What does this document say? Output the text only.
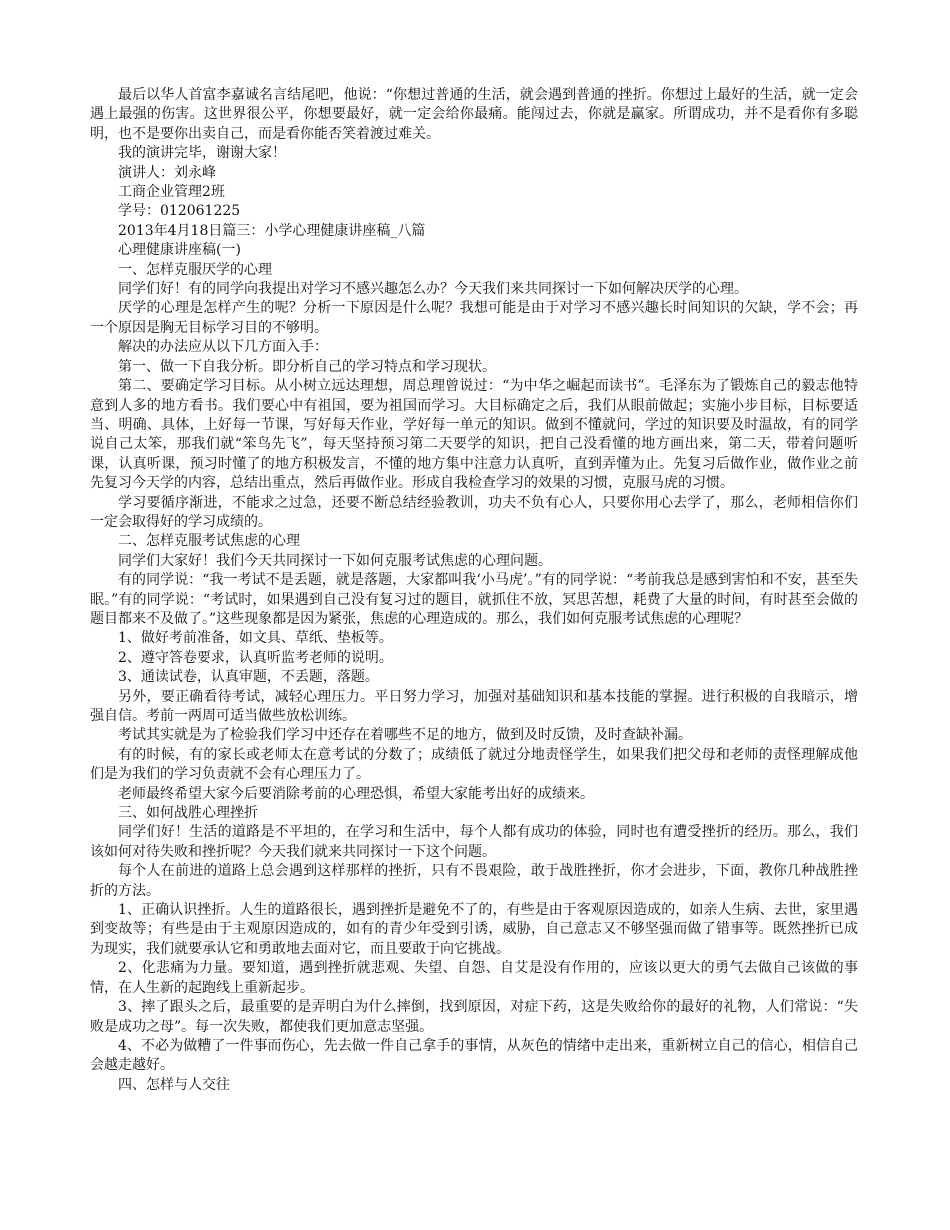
最后以华人首富李嘉诚名言结尾吧，他说：“你想过普通的生活，就会遇到普通的挫折。你想过上最好的生活，就一定会遇上最强的伤害。这世界很公平，你想要最好，就一定会给你最痛。能闯过去，你就是赢家。所谓成功，并不是看你有多聪明，也不是要你出卖自己，而是看你能否笑着渡过难关。

我的演讲完毕，谢谢大家！

演讲人：刘永峰

工商企业管理2班

学号：012061225

2013年4月18日篇三：小学心理健康讲座稿_八篇

心理健康讲座稿(一)

一、怎样克服厌学的心理

同学们好！有的同学向我提出对学习不感兴趣怎么办？今天我们来共同探讨一下如何解决厌学的心理。

厌学的心理是怎样产生的呢？分析一下原因是什么呢？我想可能是由于对学习不感兴趣长时间知识的欠缺，学不会；再一个原因是胸无目标学习目的不够明。

解决的办法应从以下几方面入手：

第一、做一下自我分析。即分析自己的学习特点和学习现状。

第二、要确定学习目标。从小树立远达理想，周总理曾说过：“为中华之崛起而读书”。毛泽东为了锻炼自己的毅志他特意到人多的地方看书。我们要心中有祖国，要为祖国而学习。大目标确定之后，我们从眼前做起；实施小步目标，目标要适当、明确、具体，上好每一节课，写好每天作业，学好每一单元的知识。做到不懂就问，学过的知识要及时温故，有的同学说自己太笨，那我们就“笨鸟先飞”，每天坚持预习第二天要学的知识，把自己没看懂的地方画出来，第二天，带着问题听课，认真听课，预习时懂了的地方积极发言，不懂的地方集中注意力认真听，直到弄懂为止。先复习后做作业，做作业之前先复习今天学的内容，总结出重点，然后再做作业。形成自我检查学习的效果的习惯，克服马虎的习惯。

学习要循序渐进，不能求之过急，还要不断总结经验教训，功夫不负有心人，只要你用心去学了，那么，老师相信你们一定会取得好的学习成绩的。

二、怎样克服考试焦虑的心理

同学们大家好！我们今天共同探讨一下如何克服考试焦虑的心理问题。

有的同学说：“我一考试不是丢题，就是落题，大家都叫我‘小马虎’。”有的同学说：“考前我总是感到害怕和不安，甚至失眠。”有的同学说：“考试时，如果遇到自己没有复习过的题目，就抓住不放，冥思苦想，耗费了大量的时间，有时甚至会做的题目都来不及做了。”这些现象都是因为紧张，焦虑的心理造成的。那么，我们如何克服考试焦虑的心理呢？

1、做好考前准备，如文具、草纸、垫板等。

2、遵守答卷要求，认真听监考老师的说明。

3、通读试卷，认真审题，不丢题，落题。

另外，要正确看待考试，减轻心理压力。平日努力学习，加强对基础知识和基本技能的掌握。进行积极的自我暗示，增强自信。考前一两周可适当做些放松训练。

考试其实就是为了检验我们学习中还存在着哪些不足的地方，做到及时反馈，及时查缺补漏。

有的时候，有的家长或老师太在意考试的分数了；成绩低了就过分地责怪学生，如果我们把父母和老师的责怪理解成他们是为我们的学习负责就不会有心理压力了。

老师最终希望大家今后要消除考前的心理恐惧，希望大家能考出好的成绩来。

三、如何战胜心理挫折

同学们好！生活的道路是不平坦的，在学习和生活中，每个人都有成功的体验，同时也有遭受挫折的经历。那么，我们该如何对待失败和挫折呢？今天我们就来共同探讨一下这个问题。

每个人在前进的道路上总会遇到这样那样的挫折，只有不畏艰险，敢于战胜挫折，你才会进步，下面，教你几种战胜挫折的方法。

1、正确认识挫折。人生的道路很长，遇到挫折是避免不了的，有些是由于客观原因造成的，如亲人生病、去世，家里遇到变故等；有些是由于主观原因造成的，如有的青少年受到引诱，威胁，自己意志又不够坚强而做了错事等。既然挫折已成为现实，我们就要承认它和勇敢地去面对它，而且要敢于向它挑战。

2、化悲痛为力量。要知道，遇到挫折就悲观、失望、自怨、自艾是没有作用的，应该以更大的勇气去做自己该做的事情，在人生新的起跑线上重新起步。

3、摔了跟头之后，最重要的是弄明白为什么摔倒，找到原因，对症下药，这是失败给你的最好的礼物，人们常说：“失败是成功之母”。每一次失败，都使我们更加意志坚强。

4、不必为做糟了一件事而伤心，先去做一件自己拿手的事情，从灰色的情绪中走出来，重新树立自己的信心，相信自己会越走越好。

四、怎样与人交往
